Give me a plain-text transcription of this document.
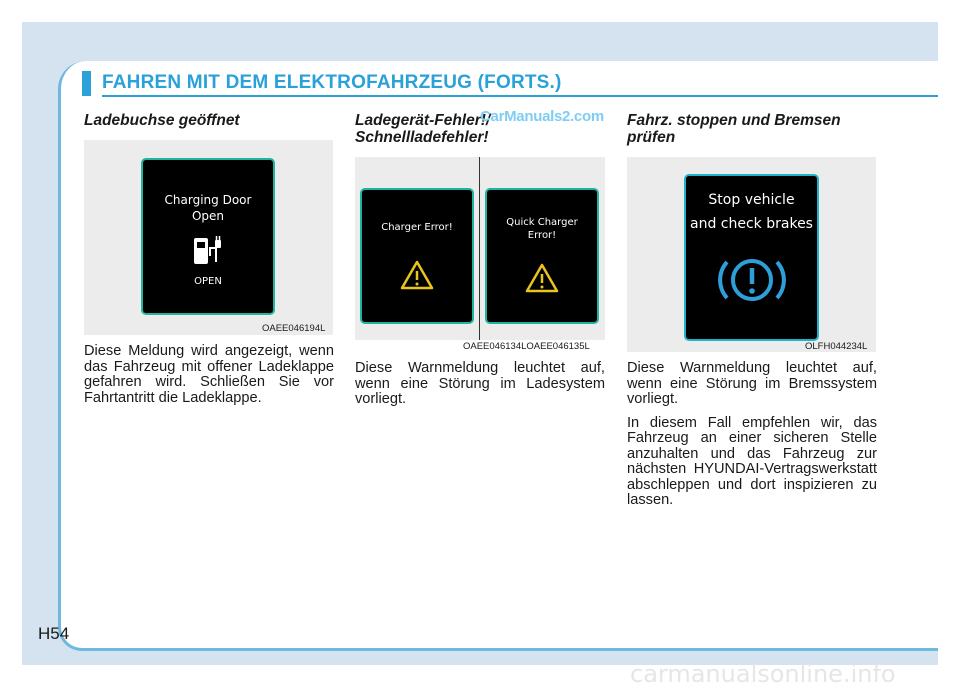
FAHREN MIT DEM ELEKTROFAHRZEUG (FORTS.)
Ladebuchse geöffnet
Charging Door
Open
OPEN
OAEE046194L

Diese Meldung wird angezeigt, wenn das Fahrzeug mit offener Ladeklappe gefahren wird. Schließen Sie vor Fahrtantritt die Ladeklappe.

Ladegerät-Fehler!/
Schnellladefehler!
CarManuals2.com
Charger Error!	Quick Charger
Error!
OAEE046134LOAEE046135L

Diese Warnmeldung leuchtet auf, wenn eine Störung im Ladesystem vorliegt.

Fahrz. stoppen und Bremsen
prüfen
Stop vehicle
and check brakes
OLFH044234L

Diese Warnmeldung leuchtet auf, wenn eine Störung im Bremssystem vorliegt.

In diesem Fall empfehlen wir, das Fahrzeug an einer sicheren Stelle anzuhalten und das Fahrzeug zur nächsten HYUNDAI-Vertragswerkstatt abschleppen und dort inspizieren zu lassen.

H54
carmanualsonline.info
